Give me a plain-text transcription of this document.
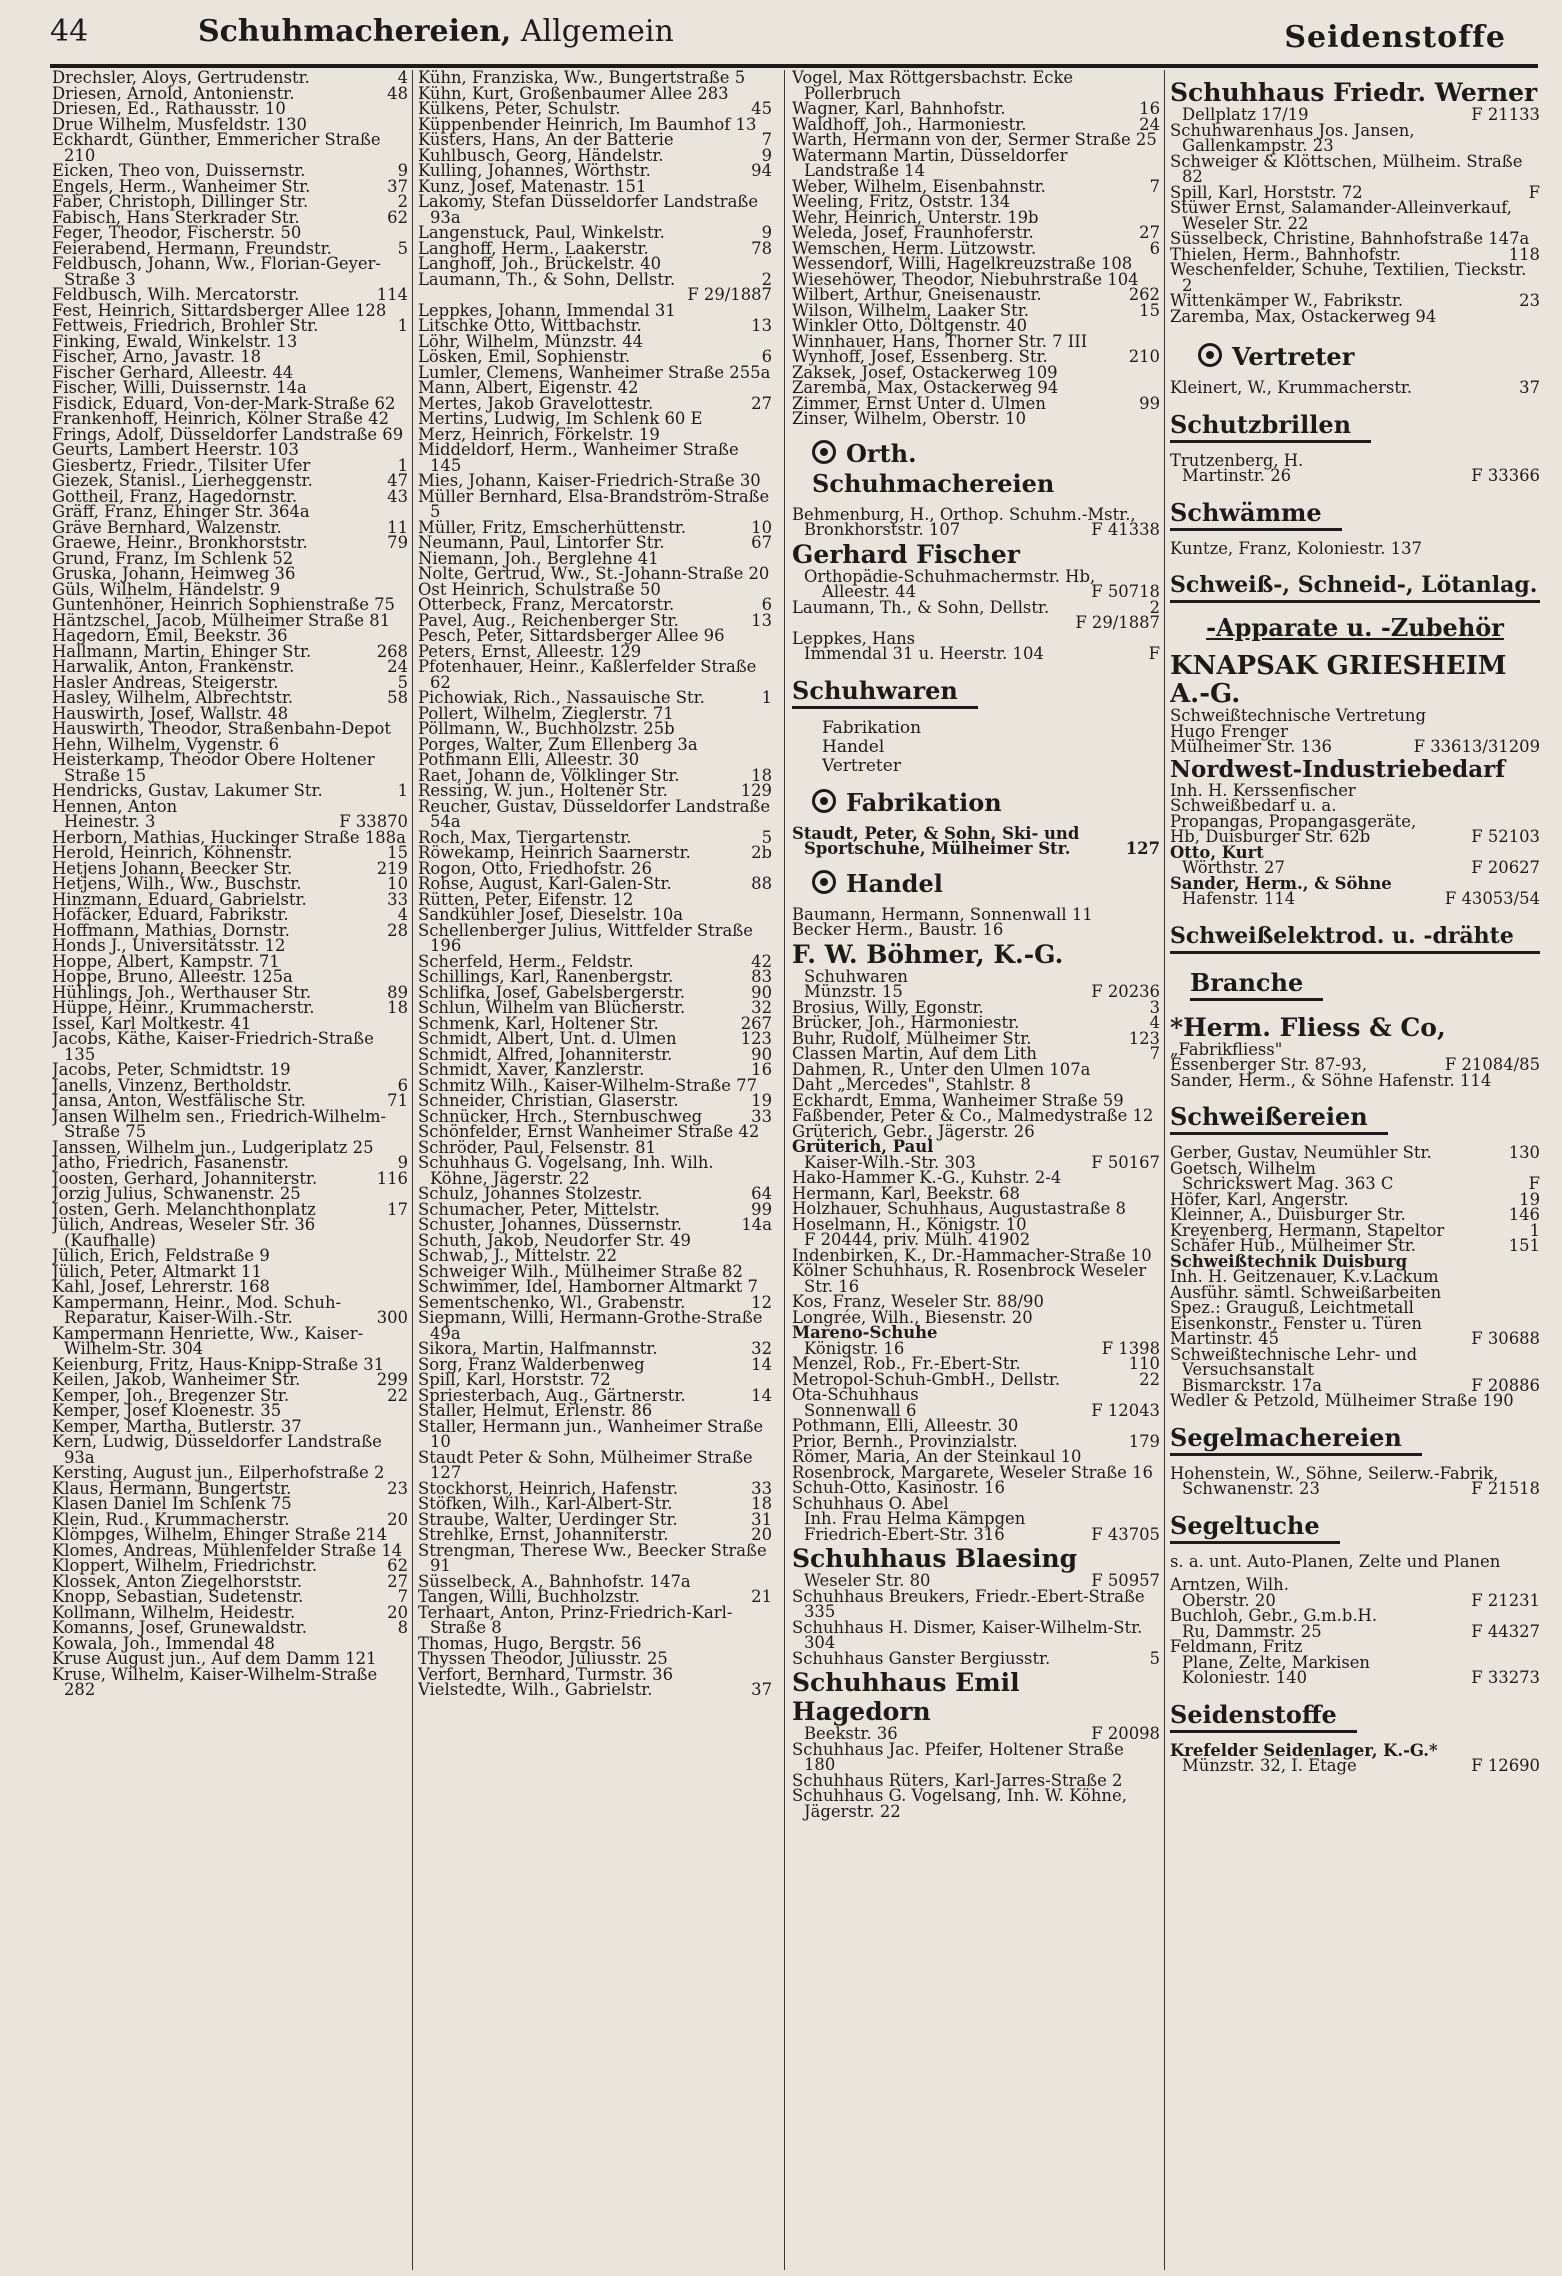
44	Schuhmachereien, Allgemein	Seidenstoffe
Drechsler, Aloys, Gertrudenstr.	4
Driesen, Arnold, Antonienstr.	48
Driesen, Ed., Rathausstr. 10
Drue Wilhelm, Musfeldstr. 130
Eckhardt, Günther, Emmericher Straße 210
Eicken, Theo von, Duissernstr.	9
Engels, Herm., Wanheimer Str.	37
Faber, Christoph, Dillinger Str.	2
Fabisch, Hans Sterkrader Str.	62
Feger, Theodor, Fischerstr. 50
Feierabend, Hermann, Freundstr.	5
Feldbusch, Johann, Ww., Florian-Geyer-Straße 3
Feldbusch, Wilh. Mercatorstr.	114
Fest, Heinrich, Sittardsberger Allee 128
Fettweis, Friedrich, Brohler Str.	1
Finking, Ewald, Winkelstr. 13
Fischer, Arno, Javastr. 18
Fischer Gerhard, Alleestr. 44
Fischer, Willi, Duissernstr. 14a
Fisdick, Eduard, Von-der-Mark-Straße 62
Frankenhoff, Heinrich, Kölner Straße 42
Frings, Adolf, Düsseldorfer Landstraße 69
Geurts, Lambert Heerstr. 103
Giesbertz, Friedr., Tilsiter Ufer	1
Giezek, Stanisl., Lierheggenstr.	47
Gottheil, Franz, Hagedornstr.	43
Gräff, Franz, Ehinger Str. 364a
Gräve Bernhard, Walzenstr.	11
Graewe, Heinr., Bronkhorststr.	79
Grund, Franz, Im Schlenk 52
Gruska, Johann, Heimweg 36
Güls, Wilhelm, Händelstr. 9
Guntenhöner, Heinrich Sophienstraße 75
Häntzschel, Jacob, Mülheimer Straße 81
Hagedorn, Emil, Beekstr. 36
Hallmann, Martin, Ehinger Str.	268
Harwalik, Anton, Frankenstr.	24
Hasler Andreas, Steigerstr.	5
Hasley, Wilhelm, Albrechtstr.	58
Hauswirth, Josef, Wallstr. 48
Hauswirth, Theodor, Straßenbahn-Depot
Hehn, Wilhelm, Vygenstr. 6
Heisterkamp, Theodor Obere Holtener Straße 15
Hendricks, Gustav, Lakumer Str.	1
Hennen, Anton
Heinestr. 3	F 33870
Herborn, Mathias, Huckinger Straße 188a
Herold, Heinrich, Köhnenstr.	15
Hetjens Johann, Beecker Str.	219
Hetjens, Wilh., Ww., Buschstr.	10
Hinzmann, Eduard, Gabrielstr.	33
Hofäcker, Eduard, Fabrikstr.	4
Hoffmann, Mathias, Dornstr.	28
Honds J., Universitätsstr. 12
Hoppe, Albert, Kampstr. 71
Hoppe, Bruno, Alleestr. 125a
Hühlings, Joh., Werthauser Str.	89
Hüppe, Heinr., Krummacherstr.	18
Issel, Karl Moltkestr. 41
Jacobs, Käthe, Kaiser-Friedrich-Straße 135
Jacobs, Peter, Schmidtstr. 19
Janells, Vinzenz, Bertholdstr.	6
Jansa, Anton, Westfälische Str.	71
Jansen Wilhelm sen., Friedrich-Wilhelm-Straße 75
Janssen, Wilhelm jun., Ludgeriplatz 25
Jatho, Friedrich, Fasanenstr.	9
Joosten, Gerhard, Johanniterstr.	116
Jorzig Julius, Schwanenstr. 25
Josten, Gerh. Melanchthonplatz	17
Jülich, Andreas, Weseler Str. 36 (Kaufhalle)
Jülich, Erich, Feldstraße 9
Jülich, Peter, Altmarkt 11
Kahl, Josef, Lehrerstr. 168
Kampermann, Heinr., Mod. Schuh-Reparatur, Kaiser-Wilh.-Str.	300
Kampermann Henriette, Ww., Kaiser-Wilhelm-Str. 304
Keienburg, Fritz, Haus-Knipp-Straße 31
Keilen, Jakob, Wanheimer Str.	299
Kemper, Joh., Bregenzer Str.	22
Kemper, Josef Kloenestr. 35
Kemper, Martha, Butlerstr. 37
Kern, Ludwig, Düsseldorfer Landstraße 93a
Kersting, August jun., Eilperhofstraße 2
Klaus, Hermann, Bungertstr.	23
Klasen Daniel Im Schlenk 75
Klein, Rud., Krummacherstr.	20
Klömpges, Wilhelm, Ehinger Straße 214
Klomes, Andreas, Mühlenfelder Straße 14
Kloppert, Wilhelm, Friedrichstr.	62
Klossek, Anton Ziegelhorststr.	27
Knopp, Sebastian, Sudetenstr.	7
Kollmann, Wilhelm, Heidestr.	20
Komanns, Josef, Grunewaldstr.	8
Kowala, Joh., Immendal 48
Kruse August jun., Auf dem Damm 121
Kruse, Wilhelm, Kaiser-Wilhelm-Straße 282
Kühn, Franziska, Ww., Bungertstraße 5
Kühn, Kurt, Großenbaumer Allee 283
Külkens, Peter, Schulstr.	45
Küppenbender Heinrich, Im Baumhof 13
Küsters, Hans, An der Batterie	7
Kuhlbusch, Georg, Händelstr.	9
Kulling, Johannes, Wörthstr.	94
Kunz, Josef, Matenastr. 151
Lakomy, Stefan Düsseldorfer Landstraße 93a
Langenstuck, Paul, Winkelstr.	9
Langhoff, Herm., Laakerstr.	78
Langhoff, Joh., Brückelstr. 40
Laumann, Th., & Sohn, Dellstr.	2

F 29/1887
Leppkes, Johann, Immendal 31
Litschke Otto, Wittbachstr.	13
Löhr, Wilhelm, Münzstr. 44
Lösken, Emil, Sophienstr.	6
Lumler, Clemens, Wanheimer Straße 255a
Mann, Albert, Eigenstr. 42
Mertes, Jakob Gravelottestr.	27
Mertins, Ludwig, Im Schlenk 60 E
Merz, Heinrich, Förkelstr. 19
Middeldorf, Herm., Wanheimer Straße 145
Mies, Johann, Kaiser-Friedrich-Straße 30
Müller Bernhard, Elsa-Brandström-Straße 5
Müller, Fritz, Emscherhüttenstr.	10
Neumann, Paul, Lintorfer Str.	67
Niemann, Joh., Berglehne 41
Nolte, Gertrud, Ww., St.-Johann-Straße 20
Ost Heinrich, Schulstraße 50
Otterbeck, Franz, Mercatorstr.	6
Pavel, Aug., Reichenberger Str.	13
Pesch, Peter, Sittardsberger Allee 96
Peters, Ernst, Alleestr. 129
Pfotenhauer, Heinr., Kaßlerfelder Straße 62
Pichowiak, Rich., Nassauische Str.	1
Pollert, Wilhelm, Zieglerstr. 71
Pöllmann, W., Buchholzstr. 25b
Porges, Walter, Zum Ellenberg 3a
Pothmann Elli, Alleestr. 30
Raet, Johann de, Völklinger Str.	18
Ressing, W. jun., Holtener Str.	129
Reucher, Gustav, Düsseldorfer Landstraße 54a
Roch, Max, Tiergartenstr.	5
Röwekamp, Heinrich Saarnerstr.	2b
Rogon, Otto, Friedhofstr. 26
Rohse, August, Karl-Galen-Str.	88
Rütten, Peter, Eifenstr. 12
Sandkühler Josef, Dieselstr. 10a
Schellenberger Julius, Wittfelder Straße 196
Scherfeld, Herm., Feldstr.	42
Schillings, Karl, Ranenbergstr.	83
Schlifka, Josef, Gabelsbergerstr.	90
Schlun, Wilhelm van Blücherstr.	32
Schmenk, Karl, Holtener Str.	267
Schmidt, Albert, Unt. d. Ulmen	123
Schmidt, Alfred, Johanniterstr.	90
Schmidt, Xaver, Kanzlerstr.	16
Schmitz Wilh., Kaiser-Wilhelm-Straße 77
Schneider, Christian, Glaserstr.	19
Schnücker, Hrch., Sternbuschweg	33
Schönfelder, Ernst Wanheimer Straße 42
Schröder, Paul, Felsenstr. 81
Schuhhaus G. Vogelsang, Inh. Wilh. Köhne, Jägerstr. 22
Schulz, Johannes Stolzestr.	64
Schumacher, Peter, Mittelstr.	99
Schuster, Johannes, Düssernstr.	14a
Schuth, Jakob, Neudorfer Str. 49
Schwab, J., Mittelstr. 22
Schweiger Wilh., Mülheimer Straße 82
Schwimmer, Idel, Hamborner Altmarkt 7
Sementschenko, Wl., Grabenstr.	12
Siepmann, Willi, Hermann-Grothe-Straße 49a
Sikora, Martin, Halfmannstr.	32
Sorg, Franz Walderbenweg	14
Spill, Karl, Horststr. 72
Spriesterbach, Aug., Gärtnerstr.	14
Staller, Helmut, Erlenstr. 86
Staller, Hermann jun., Wanheimer Straße 10
Staudt Peter & Sohn, Mülheimer Straße 127
Stockhorst, Heinrich, Hafenstr.	33
Stöfken, Wilh., Karl-Albert-Str.	18
Straube, Walter, Uerdinger Str.	31
Strehlke, Ernst, Johanniterstr.	20
Strengman, Therese Ww., Beecker Straße 91
Süsselbeck, A., Bahnhofstr. 147a
Tangen, Willi, Buchholzstr.	21
Terhaart, Anton, Prinz-Friedrich-Karl-Straße 8
Thomas, Hugo, Bergstr. 56
Thyssen Theodor, Juliusstr. 25
Verfort, Bernhard, Turmstr. 36
Vielstedte, Wilh., Gabrielstr.	37
Vogel, Max Röttgersbachstr. Ecke Pollerbruch
Wagner, Karl, Bahnhofstr.	16
Waldhoff, Joh., Harmoniestr.	24
Warth, Hermann von der, Sermer Straße 25
Watermann Martin, Düsseldorfer Landstraße 14
Weber, Wilhelm, Eisenbahnstr.	7
Weeling, Fritz, Oststr. 134
Wehr, Heinrich, Unterstr. 19b
Weleda, Josef, Fraunhoferstr.	27
Wemschen, Herm. Lützowstr.	6
Wessendorf, Willi, Hagelkreuzstraße 108
Wiesehöwer, Theodor, Niebuhrstraße 104
Wilbert, Arthur, Gneisenaustr.	262
Wilson, Wilhelm, Laaker Str.	15
Winkler Otto, Döltgenstr. 40
Winnhauer, Hans, Thorner Str. 7 III
Wynhoff, Josef, Essenberg. Str.	210
Zaksek, Josef, Ostackerweg 109
Zaremba, Max, Ostackerweg 94
Zimmer, Ernst Unter d. Ulmen	99
Zinser, Wilhelm, Oberstr. 10
Orth. Schuhmachereien
Behmenburg, H., Orthop. Schuhm.-Mstr., Bronkhorststr. 107	F 41338
Gerhard Fischer
Orthopädie-Schuhmachermstr. Hb, Alleestr. 44	F 50718
Laumann, Th., & Sohn, Dellstr.	2

F 29/1887
Leppkes, Hans
Immendal 31 u. Heerstr. 104	F
Schuhwaren
Fabrikation
Handel
Vertreter
Fabrikation
Staudt, Peter, & Sohn, Ski- und Sportschuhe, Mülheimer Str.	127
Handel
Baumann, Hermann, Sonnenwall 11
Becker Herm., Baustr. 16
F. W. Böhmer, K.-G.
Schuhwaren
Münzstr. 15	F 20236
Brosius, Willy, Egonstr.	3
Brücker, Joh., Harmoniestr.	4
Buhr, Rudolf, Mülheimer Str.	123
Classen Martin, Auf dem Lith	7
Dahmen, R., Unter den Ulmen 107a
Daht „Mercedes", Stahlstr. 8
Eckhardt, Emma, Wanheimer Straße 59
Faßbender, Peter & Co., Malmedystraße 12
Grüterich, Gebr., Jägerstr. 26
Grüterich, Paul
Kaiser-Wilh.-Str. 303	F 50167
Hako-Hammer K.-G., Kuhstr. 2-4
Hermann, Karl, Beekstr. 68
Holzhauer, Schuhhaus, Augustastraße 8
Hoselmann, H., Königstr. 10
F 20444, priv. Mülh. 41902
Indenbirken, K., Dr.-Hammacher-Straße 10
Kölner Schuhhaus, R. Rosenbrock Weseler Str. 16
Kos, Franz, Weseler Str. 88/90
Longrée, Wilh., Biesenstr. 20
Mareno-Schuhe
Königstr. 16	F 1398
Menzel, Rob., Fr.-Ebert-Str.	110
Metropol-Schuh-GmbH., Dellstr.	22
Ota-Schuhhaus
Sonnenwall 6	F 12043
Pothmann, Elli, Alleestr. 30
Prior, Bernh., Provinzialstr.	179
Römer, Maria, An der Steinkaul 10
Rosenbrock, Margarete, Weseler Straße 16
Schuh-Otto, Kasinostr. 16
Schuhhaus O. Abel
Inh. Frau Helma Kämpgen
Friedrich-Ebert-Str. 316	F 43705
Schuhhaus Blaesing
Weseler Str. 80	F 50957
Schuhhaus Breukers, Friedr.-Ebert-Straße 335
Schuhhaus H. Dismer, Kaiser-Wilhelm-Str. 304
Schuhhaus Ganster Bergiusstr.	5
Schuhhaus Emil Hagedorn
Beekstr. 36	F 20098
Schuhhaus Jac. Pfeifer, Holtener Straße 180
Schuhhaus Rüters, Karl-Jarres-Straße 2
Schuhhaus G. Vogelsang, Inh. W. Köhne, Jägerstr. 22
Schuhhaus Friedr. Werner
Dellplatz 17/19	F 21133
Schuhwarenhaus Jos. Jansen, Gallenkampstr. 23
Schweiger & Klöttschen, Mülheim. Straße 82
Spill, Karl, Horststr. 72	F
Stüwer Ernst, Salamander-Alleinverkauf, Weseler Str. 22
Süsselbeck, Christine, Bahnhofstraße 147a
Thielen, Herm., Bahnhofstr.	118
Weschenfelder, Schuhe, Textilien, Tieckstr. 2
Wittenkämper W., Fabrikstr.	23
Zaremba, Max, Ostackerweg 94
Vertreter
Kleinert, W., Krummacherstr.	37
Schutzbrillen
Trutzenberg, H.
Martinstr. 26	F 33366
Schwämme
Kuntze, Franz, Koloniestr. 137
Schweiß-, Schneid-, Lötanlag.
-Apparate u. -Zubehör
KNAPSAK GRIESHEIM A.-G.
Schweißtechnische Vertretung
Hugo Frenger
Mülheimer Str. 136	F 33613/31209
Nordwest-Industriebedarf
Inh. H. Kerssenfischer
Schweißbedarf u. a.
Propangas, Propangasgeräte,
Hb, Duisburger Str. 62b	F 52103
Otto, Kurt
Wörthstr. 27	F 20627
Sander, Herm., & Söhne
Hafenstr. 114	F 43053/54
Schweißelektrod. u. -drähte
Branche
*Herm. Fliess & Co,
„Fabrikfliess"
Essenberger Str. 87-93,	F 21084/85
Sander, Herm., & Söhne Hafenstr. 114
Schweißereien
Gerber, Gustav, Neumühler Str.	130
Goetsch, Wilhelm
Schrickswert Mag. 363 C	F
Höfer, Karl, Angerstr.	19
Kleinner, A., Duisburger Str.	146
Kreyenberg, Hermann, Stapeltor	1
Schäfer Hub., Mülheimer Str.	151
Schweißtechnik Duisburg
Inh. H. Geitzenauer, K.v.Lackum
Ausführ. sämtl. Schweißarbeiten
Spez.: Grauguß, Leichtmetall
Eisenkonstr., Fenster u. Türen
Martinstr. 45	F 30688
Schweißtechnische Lehr- und Versuchsanstalt
Bismarckstr. 17a	F 20886
Wedler & Petzold, Mülheimer Straße 190
Segelmachereien
Hohenstein, W., Söhne, Seilerw.-Fabrik, Schwanenstr. 23	F 21518
Segeltuche
s. a. unt. Auto-Planen, Zelte und Planen
Arntzen, Wilh.
Oberstr. 20	F 21231
Buchloh, Gebr., G.m.b.H.
Ru, Dammstr. 25	F 44327
Feldmann, Fritz
Plane, Zelte, Markisen
Koloniestr. 140	F 33273
Seidenstoffe
Krefelder Seidenlager, K.-G.*
Münzstr. 32, I. Etage	F 12690
